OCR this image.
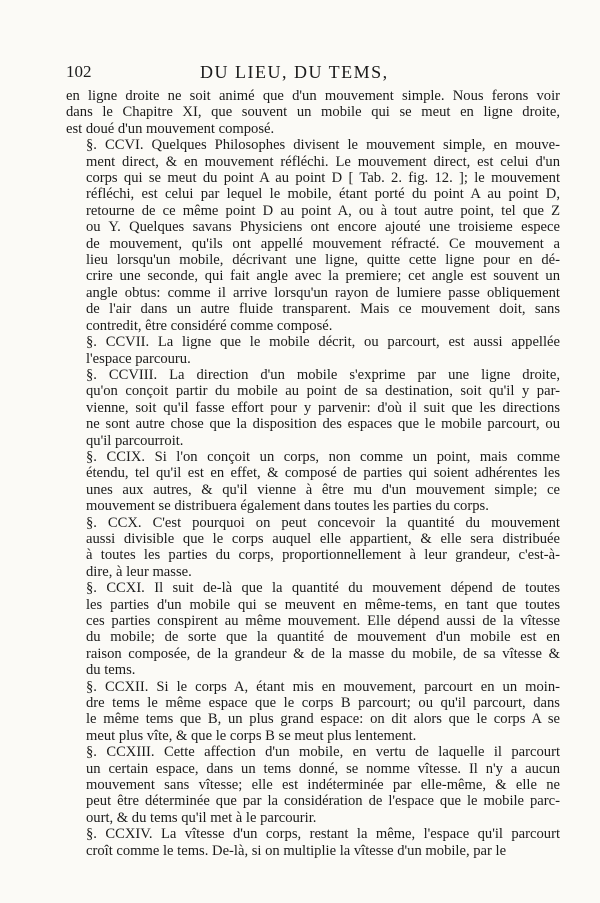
102	DU LIEU, DU TEMS,

en ligne droite ne soit animé que d'un mouvement simple. Nous ferons voir
dans le Chapitre XI, que souvent un mobile qui se meut en ligne droite,
est doué d'un mouvement composé.

§. CCVI. Quelques Philosophes divisent le mouvement simple, en mouve-
ment direct, & en mouvement réfléchi. Le mouvement direct, est celui d'un
corps qui se meut du point A au point D [ Tab. 2. fig. 12. ]; le mouvement
réfléchi, est celui par lequel le mobile, étant porté du point A au point D,
retourne de ce même point D au point A, ou à tout autre point, tel que Z
ou Y. Quelques savans Physiciens ont encore ajouté une troisieme espece
de mouvement, qu'ils ont appellé mouvement réfracté. Ce mouvement a
lieu lorsqu'un mobile, décrivant une ligne, quitte cette ligne pour en dé-
crire une seconde, qui fait angle avec la premiere; cet angle est souvent un
angle obtus: comme il arrive lorsqu'un rayon de lumiere passe obliquement
de l'air dans un autre fluide transparent. Mais ce mouvement doit, sans
contredit, être considéré comme composé.

§. CCVII. La ligne que le mobile décrit, ou parcourt, est aussi appellée
l'espace parcouru.

§. CCVIII. La direction d'un mobile s'exprime par une ligne droite,
qu'on conçoit partir du mobile au point de sa destination, soit qu'il y par-
vienne, soit qu'il fasse effort pour y parvenir: d'où il suit que les directions
ne sont autre chose que la disposition des espaces que le mobile parcourt, ou
qu'il parcourroit.

§. CCIX. Si l'on conçoit un corps, non comme un point, mais comme
étendu, tel qu'il est en effet, & composé de parties qui soient adhérentes les
unes aux autres, & qu'il vienne à être mu d'un mouvement simple; ce
mouvement se distribuera également dans toutes les parties du corps.

§. CCX. C'est pourquoi on peut concevoir la quantité du mouvement
aussi divisible que le corps auquel elle appartient, & elle sera distribuée
à toutes les parties du corps, proportionnellement à leur grandeur, c'est-à-
dire, à leur masse.

§. CCXI. Il suit de-là que la quantité du mouvement dépend de toutes
les parties d'un mobile qui se meuvent en même-tems, en tant que toutes
ces parties conspirent au même mouvement. Elle dépend aussi de la vîtesse
du mobile; de sorte que la quantité de mouvement d'un mobile est en
raison composée, de la grandeur & de la masse du mobile, de sa vîtesse &
du tems.

§. CCXII. Si le corps A, étant mis en mouvement, parcourt en un moin-
dre tems le même espace que le corps B parcourt; ou qu'il parcourt, dans
le même tems que B, un plus grand espace: on dit alors que le corps A se
meut plus vîte, & que le corps B se meut plus lentement.

§. CCXIII. Cette affection d'un mobile, en vertu de laquelle il parcourt
un certain espace, dans un tems donné, se nomme vîtesse. Il n'y a aucun
mouvement sans vîtesse; elle est indéterminée par elle-même, & elle ne
peut être déterminée que par la considération de l'espace que le mobile parc-
ourt, & du tems qu'il met à le parcourir.

§. CCXIV. La vîtesse d'un corps, restant la même, l'espace qu'il parcourt
croît comme le tems. De-là, si on multiplie la vîtesse d'un mobile, par le
